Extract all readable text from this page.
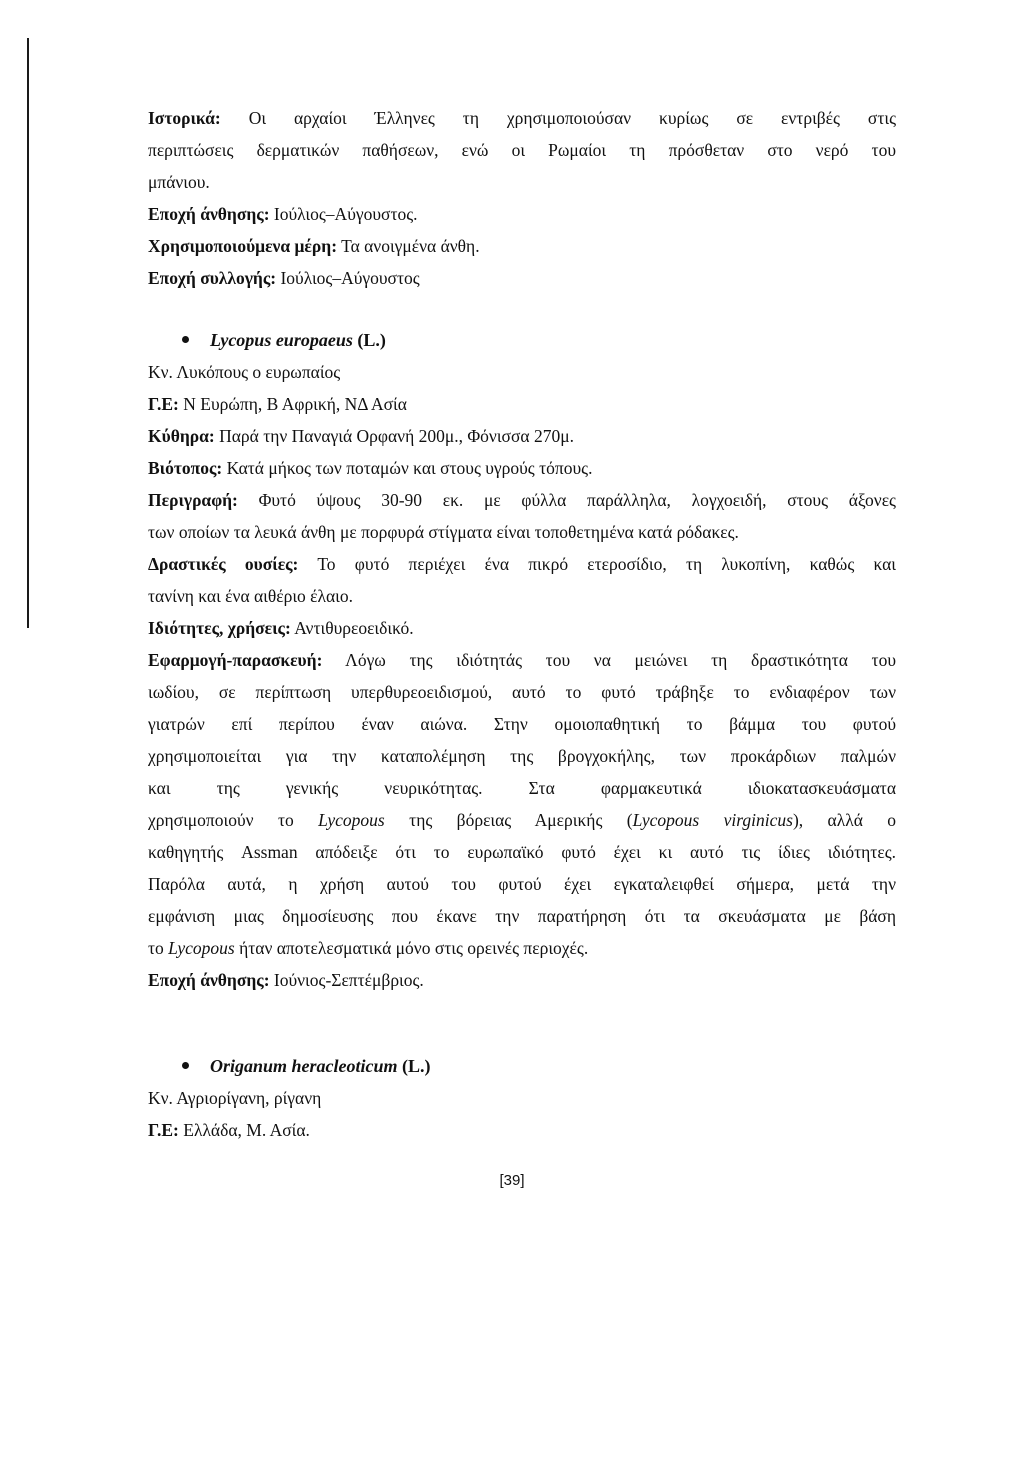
Ιστορικά: Οι αρχαίοι Έλληνες τη χρησιμοποιούσαν κυρίως σε εντριβές στις
περιπτώσεις δερματικών παθήσεων, ενώ οι Ρωμαίοι τη πρόσθεταν στο νερό του
μπάνιου.
Εποχή άνθησης: Ιούλιος–Αύγουστος.
Χρησιμοποιούμενα μέρη: Τα ανοιγμένα άνθη.
Εποχή συλλογής: Ιούλιος–Αύγουστος
Lycopus europaeus (L.)
Κν. Λυκόπους ο ευρωπαίος
Γ.Ε: Ν Ευρώπη, Β Αφρική, ΝΔ Ασία
Κύθηρα: Παρά την Παναγιά Ορφανή 200μ., Φόνισσα 270μ.
Βιότοπος: Κατά μήκος των ποταμών και στους υγρούς τόπους.
Περιγραφή: Φυτό ύψους 30-90 εκ. με φύλλα παράλληλα, λογχοειδή, στους άξονες
των οποίων τα λευκά άνθη με πορφυρά στίγματα είναι τοποθετημένα κατά ρόδακες.
Δραστικές ουσίες: Το φυτό περιέχει ένα πικρό ετεροσίδιο, τη λυκοπίνη, καθώς και
τανίνη και ένα αιθέριο έλαιο.
Ιδιότητες, χρήσεις: Αντιθυρεοειδικό.
Εφαρμογή-παρασκευή: Λόγω της ιδιότητάς του να μειώνει τη δραστικότητα του
ιωδίου, σε περίπτωση υπερθυρεοειδισμού, αυτό το φυτό τράβηξε το ενδιαφέρον των
γιατρών επί περίπου έναν αιώνα. Στην ομοιοπαθητική το βάμμα του φυτού
χρησιμοποιείται για την καταπολέμηση της βρογχοκήλης, των προκάρδιων παλμών
και της γενικής νευρικότητας. Στα φαρμακευτικά ιδιοκατασκευάσματα
χρησιμοποιούν το Lycopous της βόρειας Αμερικής (Lycopous virginicus), αλλά ο
καθηγητής Assman απόδειξε ότι το ευρωπαϊκό φυτό έχει κι αυτό τις ίδιες ιδιότητες.
Παρόλα αυτά, η χρήση αυτού του φυτού έχει εγκαταλειφθεί σήμερα, μετά την
εμφάνιση μιας δημοσίευσης που έκανε την παρατήρηση ότι τα σκευάσματα με βάση
το Lycopous ήταν αποτελεσματικά μόνο στις ορεινές περιοχές.
Εποχή άνθησης: Ιούνιος-Σεπτέμβριος.
Origanum heracleoticum (L.)
Κν. Αγριορίγανη, ρίγανη
Γ.Ε: Ελλάδα, Μ. Ασία.
[39]
